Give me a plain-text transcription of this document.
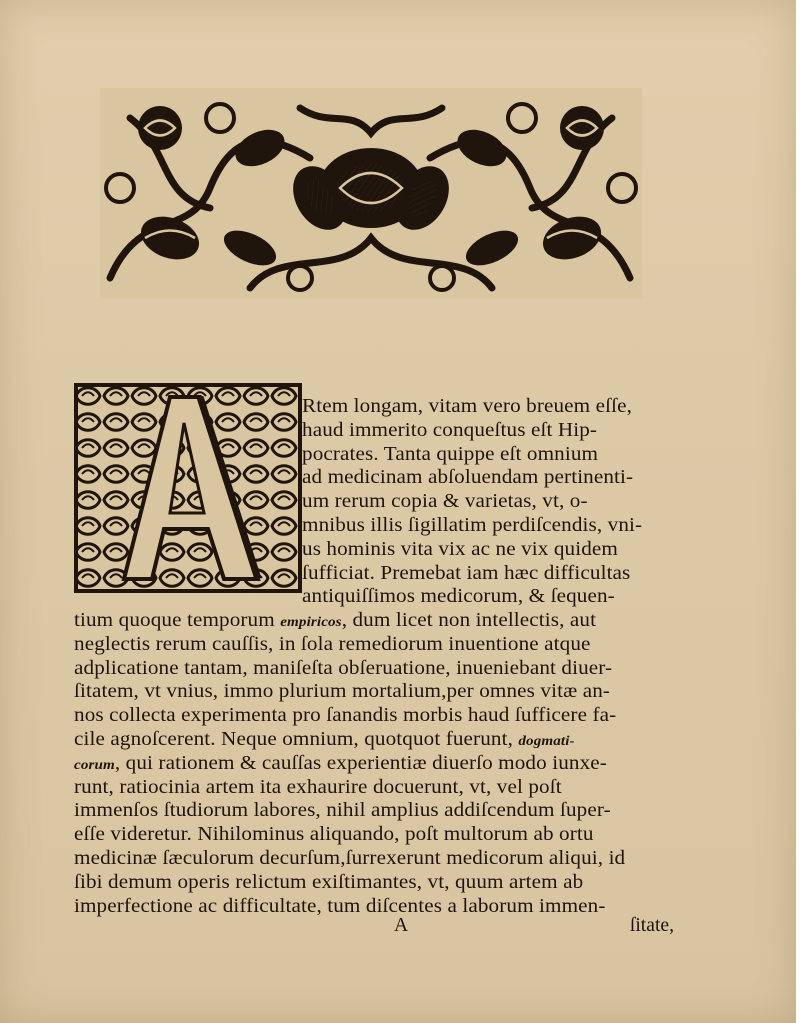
Rtem longam, vitam vero breuem eſſe,
haud immerito conqueſtus eſt Hip-
pocrates. Tanta quippe eſt omnium
ad medicinam abſoluendam pertinenti-
um rerum copia & varietas, vt, o-
mnibus illis ſigillatim perdiſcendis, vni-
us hominis vita vix ac ne vix quidem
ſufficiat. Premebat iam hæc difficultas
antiquiſſimos medicorum, & ſequen-
tium quoque temporum empiricos, dum licet non intellectis, aut
neglectis rerum cauſſis, in ſola remediorum inuentione atque
adplicatione tantam, maniſeſta obſeruatione, inueniebant diuer-
ſitatem, vt vnius, immo plurium mortalium,per omnes vitæ an-
nos collecta experimenta pro ſanandis morbis haud ſufficere fa-
cile agnoſcerent. Neque omnium, quotquot fuerunt, dogmati-
corum, qui rationem & cauſſas experientiæ diuerſo modo iunxe-
runt, ratiocinia artem ita exhaurire docuerunt, vt, vel poſt
immenſos ſtudiorum labores, nihil amplius addiſcendum ſuper-
eſſe videretur. Nihilominus aliquando, poſt multorum ab ortu
medicinæ ſæculorum decurſum,ſurrexerunt medicorum aliqui, id
ſibi demum operis relictum exiſtimantes, vt, quum artem ab
imperfectione ac difficultate, tum diſcentes a laborum immen-
A	ſitate,
